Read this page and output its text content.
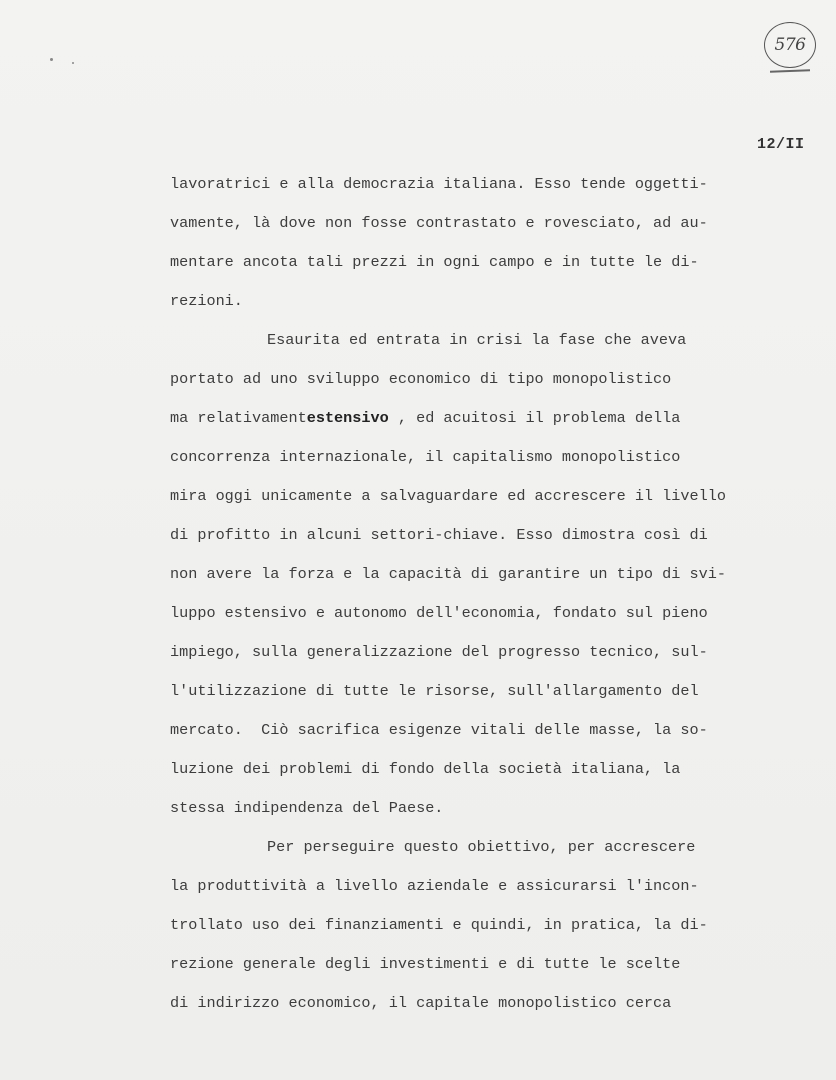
576
12/II
lavoratrici e alla democrazia italiana. Esso tende oggetti-
vamente, là dove non fosse contrastato e rovesciato, ad au-
mentare ancota tali prezzi in ogni campo e in tutte le di-
rezioni.
Esaurita ed entrata in crisi la fase che aveva
portato ad uno sviluppo economico di tipo monopolistico
ma relativamentestensivo , ed acuitosi il problema della
concorrenza internazionale, il capitalismo monopolistico
mira oggi unicamente a salvaguardare ed accrescere il livello
di profitto in alcuni settori-chiave. Esso dimostra così di
non avere la forza e la capacità di garantire un tipo di svi-
luppo estensivo e autonomo dell'economia, fondato sul pieno
impiego, sulla generalizzazione del progresso tecnico, sul-
l'utilizzazione di tutte le risorse, sull'allargamento del
mercato.  Ciò sacrifica esigenze vitali delle masse, la so-
luzione dei problemi di fondo della società italiana, la
stessa indipendenza del Paese.
Per perseguire questo obiettivo, per accrescere
la produttività a livello aziendale e assicurarsi l'incon-
trollato uso dei finanziamenti e quindi, in pratica, la di-
rezione generale degli investimenti e di tutte le scelte
di indirizzo economico, il capitale monopolistico cerca
